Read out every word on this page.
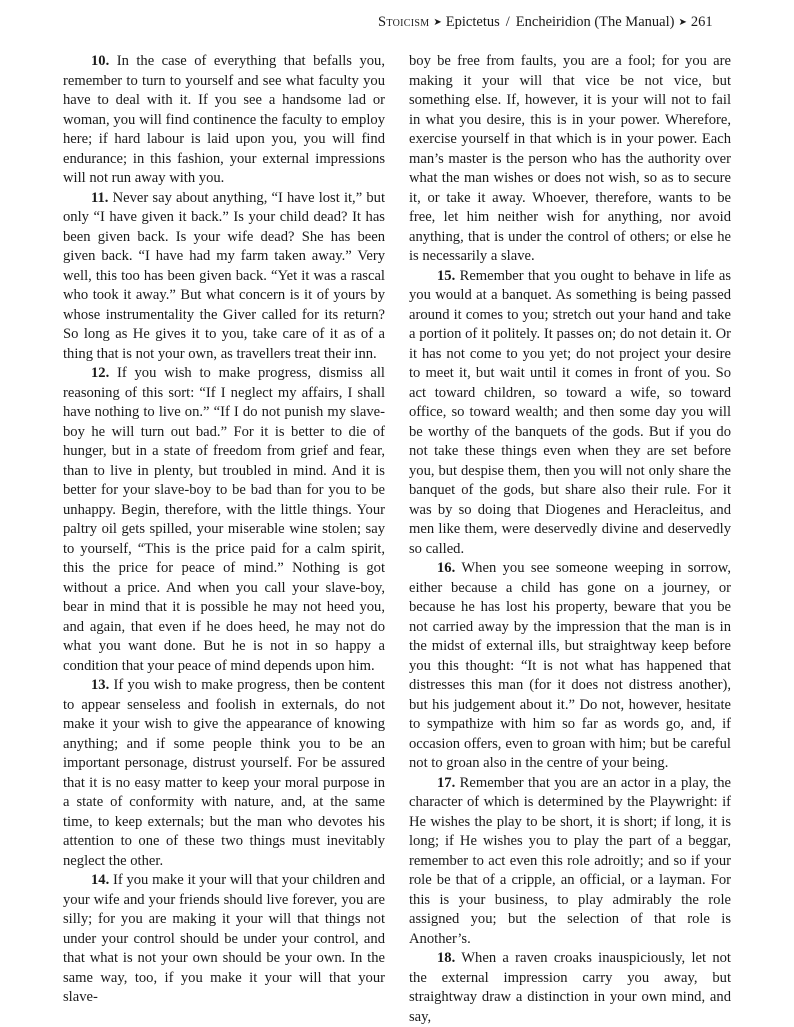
Stoicism ➤ Epictetus / Encheiridion (The Manual) ➤ 261

10. In the case of everything that befalls you, remember to turn to yourself and see what faculty you have to deal with it. If you see a handsome lad or woman, you will find continence the faculty to employ here; if hard labour is laid upon you, you will find endurance; in this fashion, your external impressions will not run away with you.

11. Never say about anything, “I have lost it,” but only “I have given it back.” Is your child dead? It has been given back. Is your wife dead? She has been given back. “I have had my farm taken away.” Very well, this too has been given back. “Yet it was a rascal who took it away.” But what concern is it of yours by whose instrumentality the Giver called for its return? So long as He gives it to you, take care of it as of a thing that is not your own, as travellers treat their inn.

12. If you wish to make progress, dismiss all reasoning of this sort: “If I neglect my affairs, I shall have nothing to live on.” “If I do not punish my slave-boy he will turn out bad.” For it is better to die of hunger, but in a state of freedom from grief and fear, than to live in plenty, but troubled in mind. And it is better for your slave-boy to be bad than for you to be unhappy. Begin, therefore, with the little things. Your paltry oil gets spilled, your miserable wine stolen; say to yourself, “This is the price paid for a calm spirit, this the price for peace of mind.” Nothing is got without a price. And when you call your slave-boy, bear in mind that it is possible he may not heed you, and again, that even if he does heed, he may not do what you want done. But he is not in so happy a condition that your peace of mind depends upon him.

13. If you wish to make progress, then be content to appear senseless and foolish in externals, do not make it your wish to give the appearance of knowing anything; and if some people think you to be an important personage, distrust yourself. For be assured that it is no easy matter to keep your moral purpose in a state of conformity with nature, and, at the same time, to keep externals; but the man who devotes his attention to one of these two things must inevitably neglect the other.

14. If you make it your will that your children and your wife and your friends should live forever, you are silly; for you are making it your will that things not under your control should be under your control, and that what is not your own should be your own. In the same way, too, if you make it your will that your slave-

boy be free from faults, you are a fool; for you are making it your will that vice be not vice, but something else. If, however, it is your will not to fail in what you desire, this is in your power. Wherefore, exercise yourself in that which is in your power. Each man’s master is the person who has the authority over what the man wishes or does not wish, so as to secure it, or take it away. Whoever, therefore, wants to be free, let him neither wish for anything, nor avoid anything, that is under the control of others; or else he is necessarily a slave.

15. Remember that you ought to behave in life as you would at a banquet. As something is being passed around it comes to you; stretch out your hand and take a portion of it politely. It passes on; do not detain it. Or it has not come to you yet; do not project your desire to meet it, but wait until it comes in front of you. So act toward children, so toward a wife, so toward office, so toward wealth; and then some day you will be worthy of the banquets of the gods. But if you do not take these things even when they are set before you, but despise them, then you will not only share the banquet of the gods, but share also their rule. For it was by so doing that Diogenes and Heracleitus, and men like them, were deservedly divine and deservedly so called.

16. When you see someone weeping in sorrow, either because a child has gone on a journey, or because he has lost his property, beware that you be not carried away by the impression that the man is in the midst of external ills, but straightway keep before you this thought: “It is not what has happened that distresses this man (for it does not distress another), but his judgement about it.” Do not, however, hesitate to sympathize with him so far as words go, and, if occasion offers, even to groan with him; but be careful not to groan also in the centre of your being.

17. Remember that you are an actor in a play, the character of which is determined by the Playwright: if He wishes the play to be short, it is short; if long, it is long; if He wishes you to play the part of a beggar, remember to act even this role adroitly; and so if your role be that of a cripple, an official, or a layman. For this is your business, to play admirably the role assigned you; but the selection of that role is Another’s.

18. When a raven croaks inauspiciously, let not the external impression carry you away, but straightway draw a distinction in your own mind, and say,
